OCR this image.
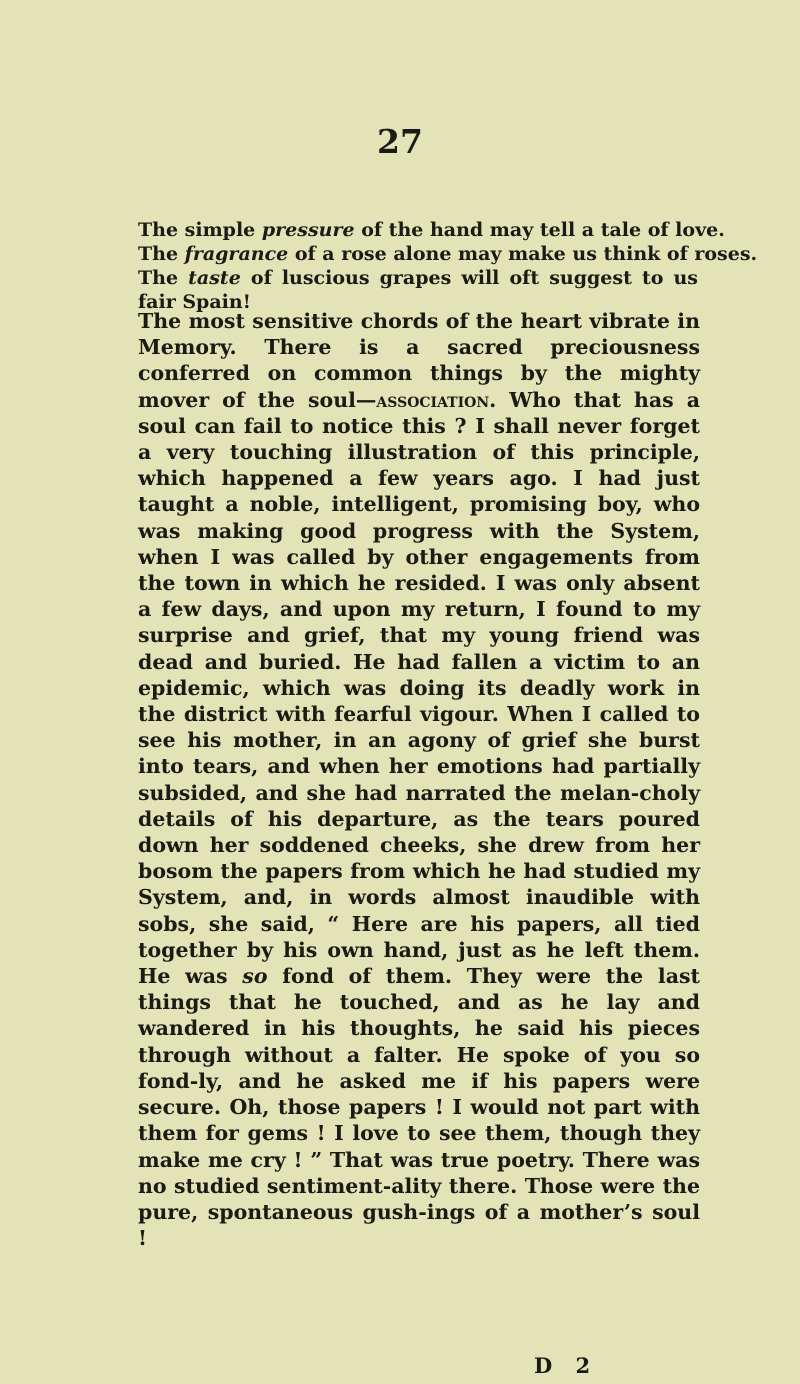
27
The simple pressure of the hand may tell a tale of love.
The fragrance of a rose alone may make us think of roses.
The taste of luscious grapes will oft suggest to us fair Spain!

The most sensitive chords of the heart vibrate in Memory. There is a sacred preciousness conferred on common things by the mighty mover of the soul—association. Who that has a soul can fail to notice this ? I shall never forget a very touching illustration of this principle, which happened a few years ago. I had just taught a noble, intelligent, promising boy, who was making good progress with the System, when I was called by other engagements from the town in which he resided. I was only absent a few days, and upon my return, I found to my surprise and grief, that my young friend was dead and buried. He had fallen a victim to an epidemic, which was doing its deadly work in the district with fearful vigour. When I called to see his mother, in an agony of grief she burst into tears, and when her emotions had partially subsided, and she had narrated the melan-choly details of his departure, as the tears poured down her soddened cheeks, she drew from her bosom the papers from which he had studied my System, and, in words almost inaudible with sobs, she said, “ Here are his papers, all tied together by his own hand, just as he left them. He was so fond of them. They were the last things that he touched, and as he lay and wandered in his thoughts, he said his pieces through without a falter. He spoke of you so fond-ly, and he asked me if his papers were secure. Oh, those papers ! I would not part with them for gems ! I love to see them, though they make me cry ! ” That was true poetry. There was no studied sentiment-ality there. Those were the pure, spontaneous gush-ings of a mother’s soul !

D 2
